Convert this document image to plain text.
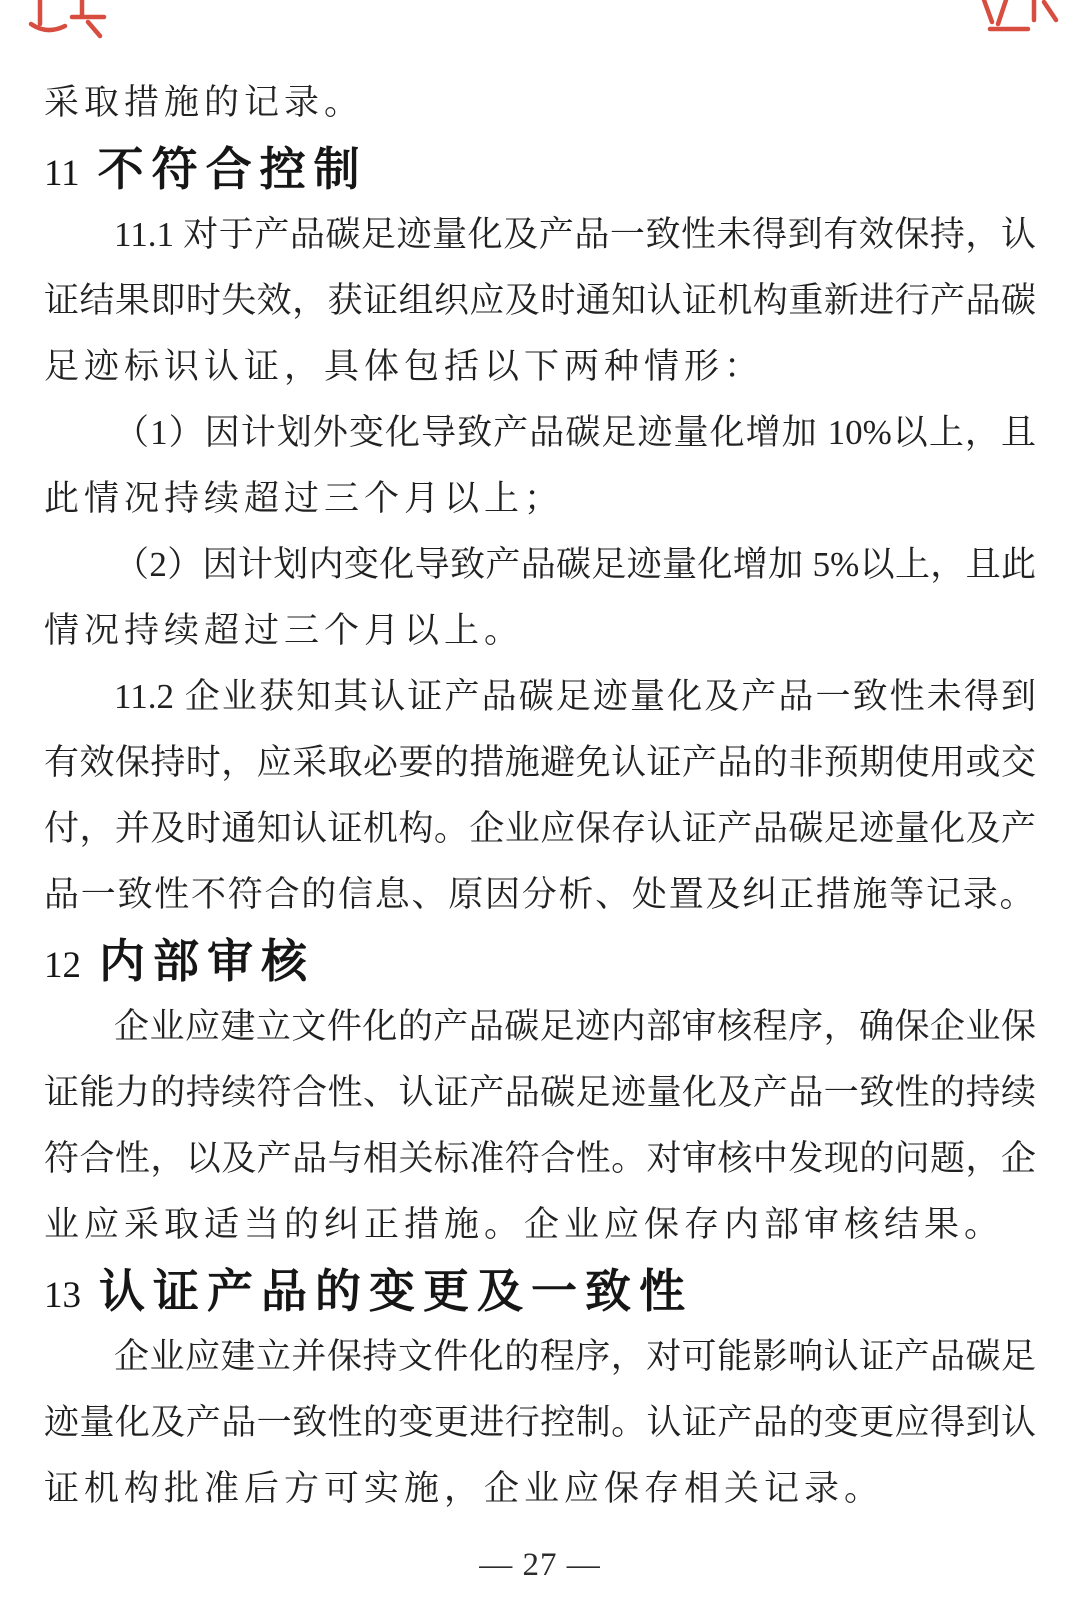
采取措施的记录。
11 不符合控制
11.1 对于产品碳足迹量化及产品一致性未得到有效保持，认
证结果即时失效，获证组织应及时通知认证机构重新进行产品碳
足迹标识认证，具体包括以下两种情形：
（1）因计划外变化导致产品碳足迹量化增加 10%以上，且
此情况持续超过三个月以上；
（2）因计划内变化导致产品碳足迹量化增加 5%以上，且此
情况持续超过三个月以上。
11.2 企业获知其认证产品碳足迹量化及产品一致性未得到
有效保持时，应采取必要的措施避免认证产品的非预期使用或交
付，并及时通知认证机构。企业应保存认证产品碳足迹量化及产
品一致性不符合的信息、原因分析、处置及纠正措施等记录。
12 内部审核
企业应建立文件化的产品碳足迹内部审核程序，确保企业保
证能力的持续符合性、认证产品碳足迹量化及产品一致性的持续
符合性，以及产品与相关标准符合性。对审核中发现的问题，企
业应采取适当的纠正措施。企业应保存内部审核结果。
13 认证产品的变更及一致性
企业应建立并保持文件化的程序，对可能影响认证产品碳足
迹量化及产品一致性的变更进行控制。认证产品的变更应得到认
证机构批准后方可实施，企业应保存相关记录。
— 27 —
